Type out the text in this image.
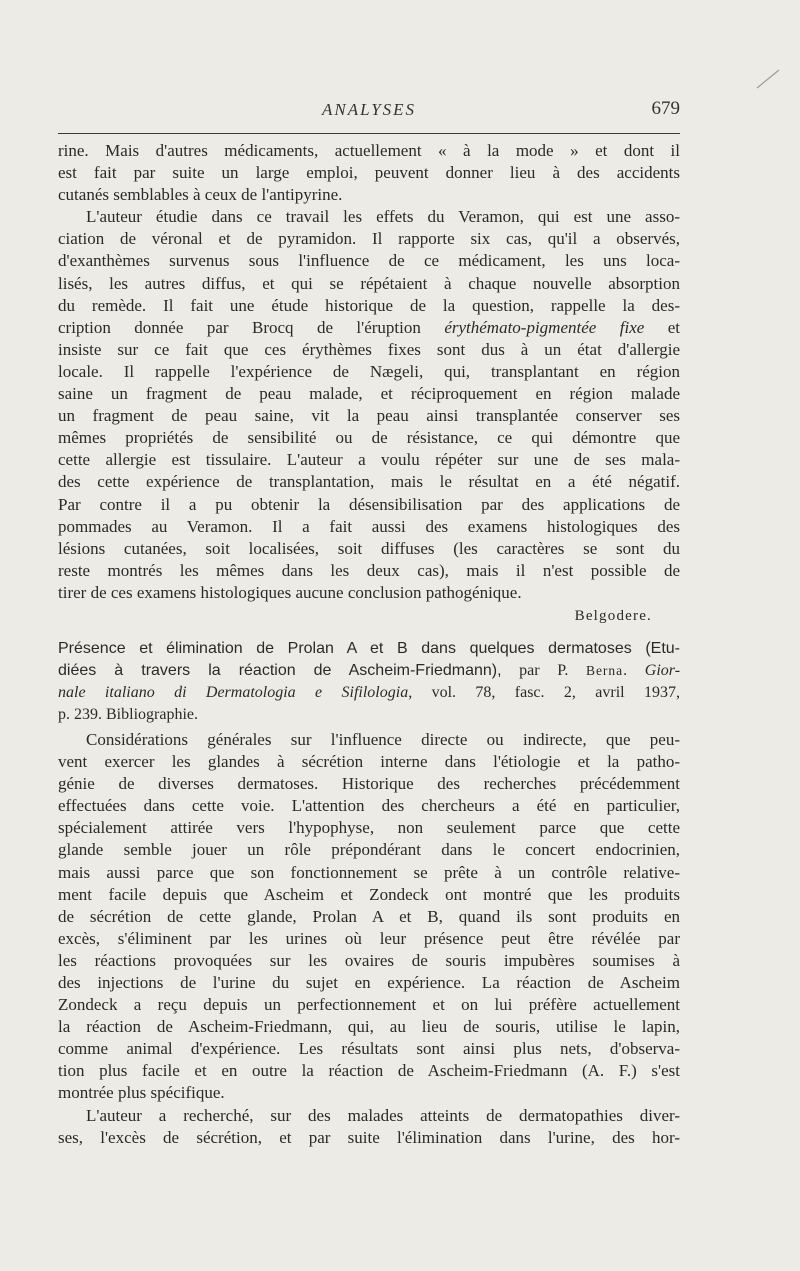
ANALYSES	679

rine. Mais d'autres médicaments, actuellement « à la mode » et dont il

est fait par suite un large emploi, peuvent donner lieu à des accidents

cutanés semblables à ceux de l'antipyrine.

L'auteur étudie dans ce travail les effets du Veramon, qui est une asso-

ciation de véronal et de pyramidon. Il rapporte six cas, qu'il a observés,

d'exanthèmes survenus sous l'influence de ce médicament, les uns loca-

lisés, les autres diffus, et qui se répétaient à chaque nouvelle absorption

du remède. Il fait une étude historique de la question, rappelle la des-

cription donnée par Brocq de l'éruption érythémato-pigmentée fixe et

insiste sur ce fait que ces érythèmes fixes sont dus à un état d'allergie

locale. Il rappelle l'expérience de Nægeli, qui, transplantant en région

saine un fragment de peau malade, et réciproquement en région malade

un fragment de peau saine, vit la peau ainsi transplantée conserver ses

mêmes propriétés de sensibilité ou de résistance, ce qui démontre que

cette allergie est tissulaire. L'auteur a voulu répéter sur une de ses mala-

des cette expérience de transplantation, mais le résultat en a été négatif.

Par contre il a pu obtenir la désensibilisation par des applications de

pommades au Veramon. Il a fait aussi des examens histologiques des

lésions cutanées, soit localisées, soit diffuses (les caractères se sont du

reste montrés les mêmes dans les deux cas), mais il n'est possible de

tirer de ces examens histologiques aucune conclusion pathogénique.

Belgodere.

Présence et élimination de Prolan A et B dans quelques dermatoses (Etu-

diées à travers la réaction de Ascheim-Friedmann), par P. Berna. Gior-

nale italiano di Dermatologia e Sifilologia, vol. 78, fasc. 2, avril 1937,

p. 239. Bibliographie.

Considérations générales sur l'influence directe ou indirecte, que peu-

vent exercer les glandes à sécrétion interne dans l'étiologie et la patho-

génie de diverses dermatoses. Historique des recherches précédemment

effectuées dans cette voie. L'attention des chercheurs a été en particulier,

spécialement attirée vers l'hypophyse, non seulement parce que cette

glande semble jouer un rôle prépondérant dans le concert endocrinien,

mais aussi parce que son fonctionnement se prête à un contrôle relative-

ment facile depuis que Ascheim et Zondeck ont montré que les produits

de sécrétion de cette glande, Prolan A et B, quand ils sont produits en

excès, s'éliminent par les urines où leur présence peut être révélée par

les réactions provoquées sur les ovaires de souris impubères soumises à

des injections de l'urine du sujet en expérience. La réaction de Ascheim

Zondeck a reçu depuis un perfectionnement et on lui préfère actuellement

la réaction de Ascheim-Friedmann, qui, au lieu de souris, utilise le lapin,

comme animal d'expérience. Les résultats sont ainsi plus nets, d'observa-

tion plus facile et en outre la réaction de Ascheim-Friedmann (A. F.) s'est

montrée plus spécifique.

L'auteur a recherché, sur des malades atteints de dermatopathies diver-

ses, l'excès de sécrétion, et par suite l'élimination dans l'urine, des hor-
